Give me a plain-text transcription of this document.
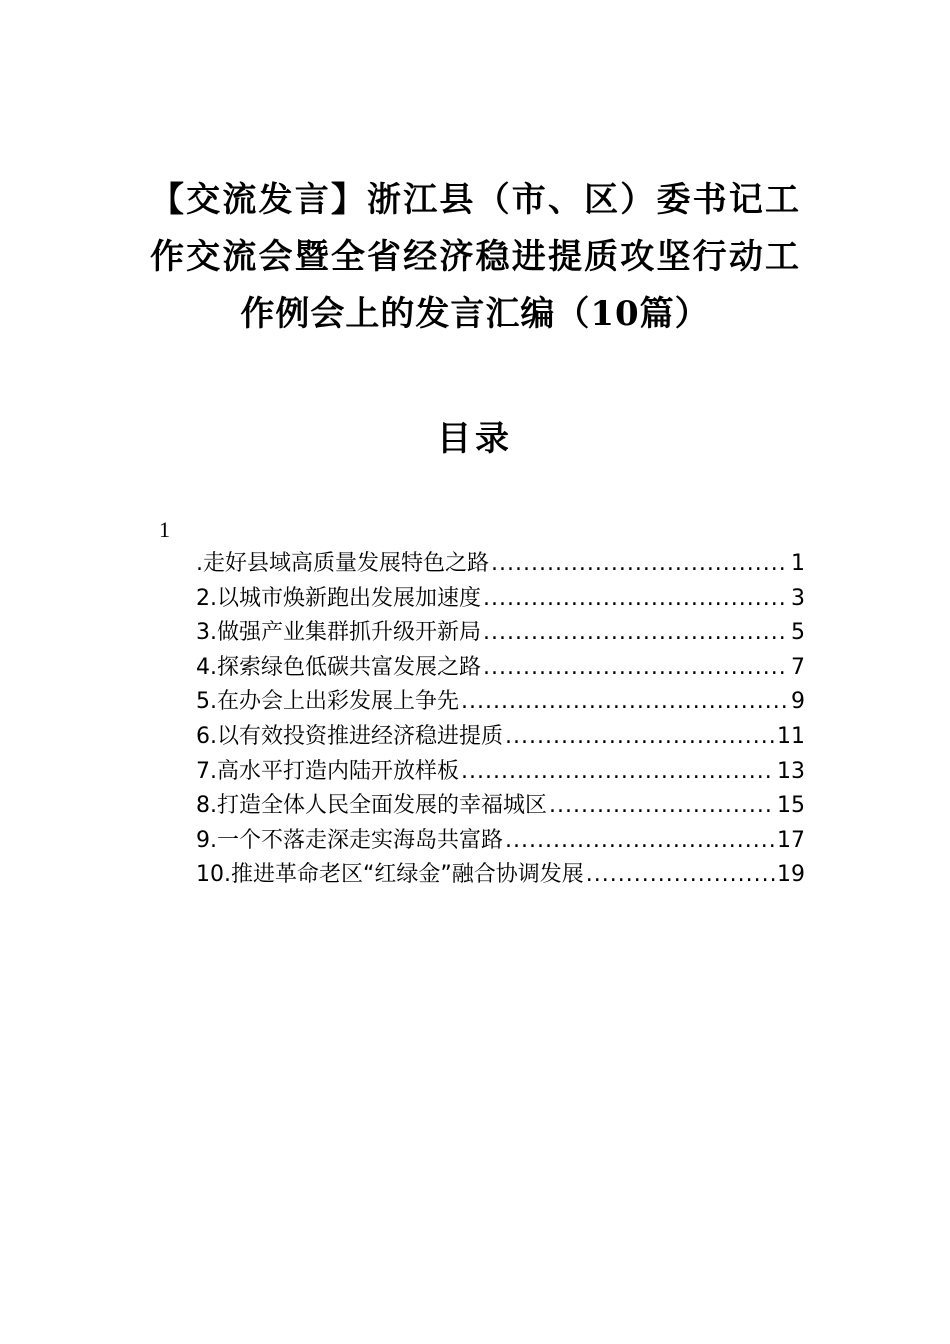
【交流发言】浙江县（市、区）委书记工
作交流会暨全省经济稳进提质攻坚行动工
作例会上的发言汇编（10篇）
目录
1
.走好县域高质量发展特色之路 .....	1
2.以城市焕新跑出发展加速度 .....	3
3.做强产业集群抓升级开新局 .....	5
4.探索绿色低碳共富发展之路 .....	7
5.在办会上出彩发展上争先 .....	9
6.以有效投资推进经济稳进提质 .....	11
7.高水平打造内陆开放样板 .....	13
8.打造全体人民全面发展的幸福城区 .....	15
9.一个不落走深走实海岛共富路 .....	17
10.推进革命老区“红绿金”融合协调发展 .....	19
